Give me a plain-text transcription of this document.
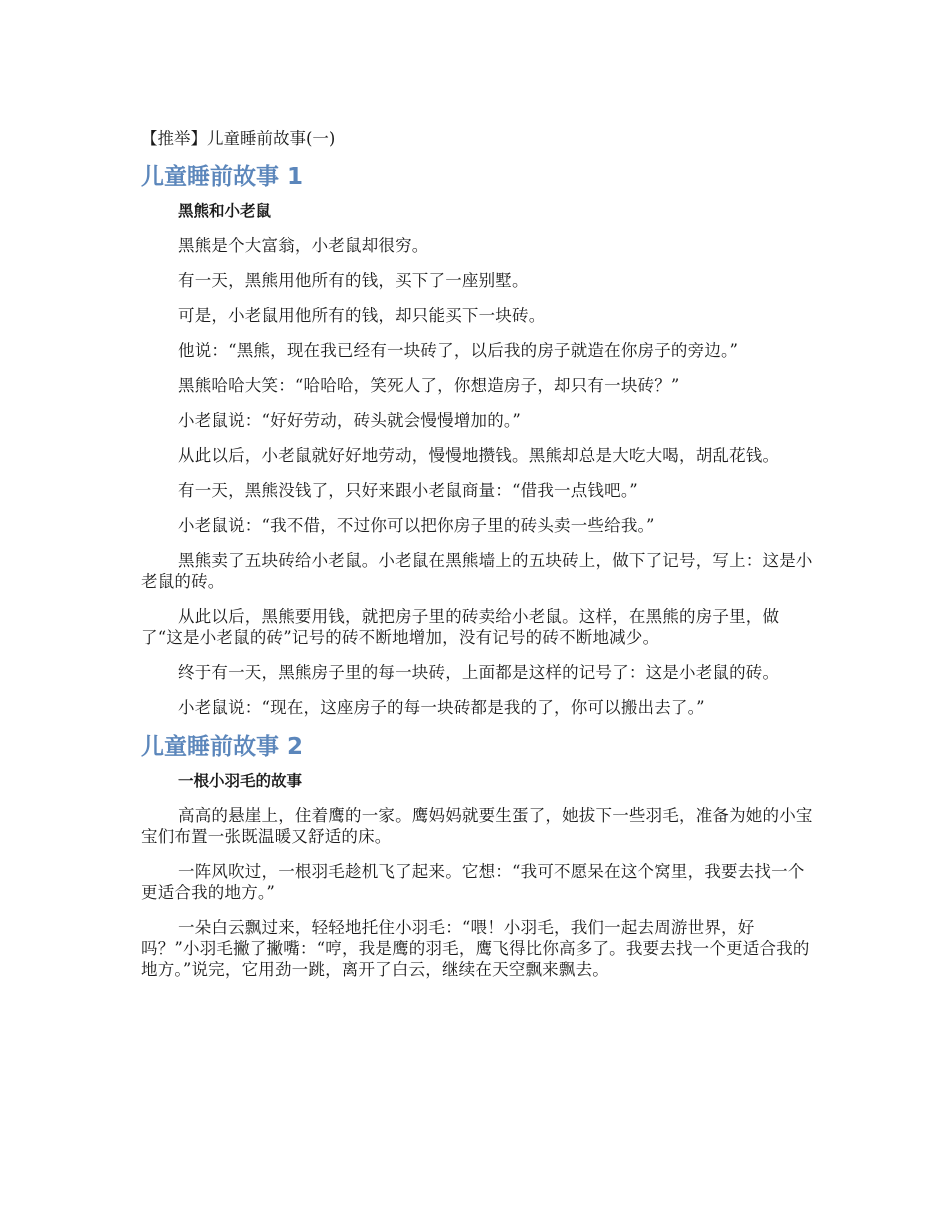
【推举】儿童睡前故事(一)
儿童睡前故事 1
黑熊和小老鼠

黑熊是个大富翁，小老鼠却很穷。

有一天，黑熊用他所有的钱，买下了一座别墅。

可是，小老鼠用他所有的钱，却只能买下一块砖。

他说：“黑熊，现在我已经有一块砖了，以后我的房子就造在你房子的旁边。”

黑熊哈哈大笑：“哈哈哈，笑死人了，你想造房子，却只有一块砖？”

小老鼠说：“好好劳动，砖头就会慢慢增加的。”

从此以后，小老鼠就好好地劳动，慢慢地攒钱。黑熊却总是大吃大喝，胡乱花钱。

有一天，黑熊没钱了，只好来跟小老鼠商量：“借我一点钱吧。”

小老鼠说：“我不借，不过你可以把你房子里的砖头卖一些给我。”

黑熊卖了五块砖给小老鼠。小老鼠在黑熊墙上的五块砖上，做下了记号，写上：这是小老鼠的砖。

从此以后，黑熊要用钱，就把房子里的砖卖给小老鼠。这样，在黑熊的房子里，做了“这是小老鼠的砖”记号的砖不断地增加，没有记号的砖不断地减少。

终于有一天，黑熊房子里的每一块砖，上面都是这样的记号了：这是小老鼠的砖。

小老鼠说：“现在，这座房子的每一块砖都是我的了，你可以搬出去了。”

儿童睡前故事 2
一根小羽毛的故事

高高的悬崖上，住着鹰的一家。鹰妈妈就要生蛋了，她拔下一些羽毛，准备为她的小宝宝们布置一张既温暖又舒适的床。

一阵风吹过，一根羽毛趁机飞了起来。它想：“我可不愿呆在这个窝里，我要去找一个更适合我的地方。”

一朵白云飘过来，轻轻地托住小羽毛：“喂！小羽毛，我们一起去周游世界，好吗？”小羽毛撇了撇嘴：“哼，我是鹰的羽毛，鹰飞得比你高多了。我要去找一个更适合我的地方。”说完，它用劲一跳，离开了白云，继续在天空飘来飘去。
